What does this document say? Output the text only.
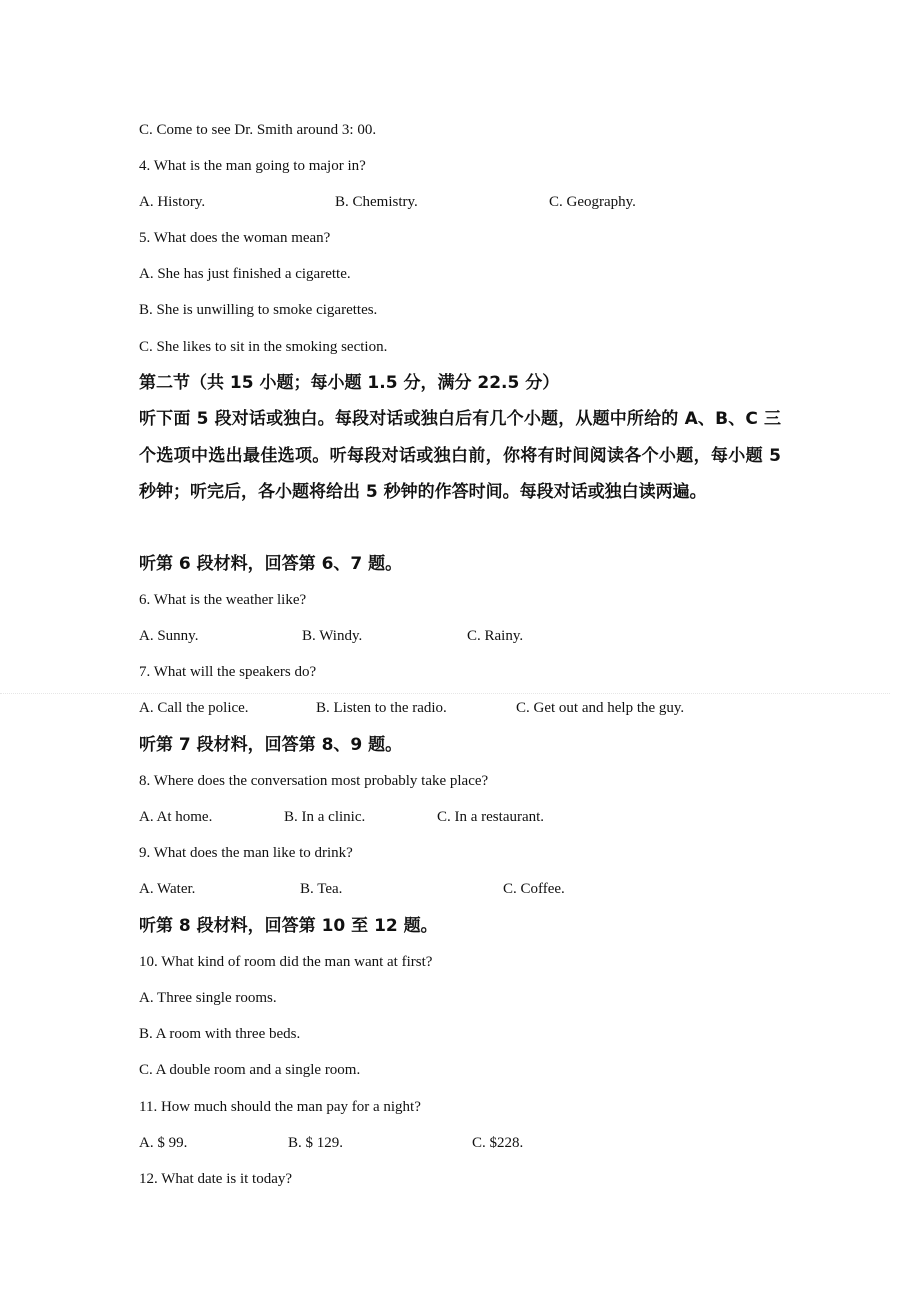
C. Come to see Dr. Smith around 3: 00.
4. What is the man going to major in?
A. History.	B. Chemistry.	C. Geography.
5. What does the woman mean?
A. She has just finished a cigarette.
B. She is unwilling to smoke cigarettes.
C. She likes to sit in the smoking section.
第二节（共 15 小题；每小题 1.5 分，满分 22.5 分）
听下面 5 段对话或独白。每段对话或独白后有几个小题，从题中所给的 A、B、C 三个选项中选出最佳选项。听每段对话或独白前，你将有时间阅读各个小题，每小题 5 秒钟；听完后，各小题将给出 5 秒钟的作答时间。每段对话或独白读两遍。
听第 6 段材料，回答第 6、7 题。
6. What is the weather like?
A. Sunny.	B. Windy.	C. Rainy.
7. What will the speakers do?
A. Call the police.	B. Listen to the radio.	C. Get out and help the guy.
听第 7 段材料，回答第 8、9 题。
8. Where does the conversation most probably take place?
A. At home.	B. In a clinic.	C. In a restaurant.
9. What does the man like to drink?
A. Water.	B. Tea.	C. Coffee.
听第 8 段材料，回答第 10 至 12 题。
10. What kind of room did the man want at first?
A. Three single rooms.
B. A room with three beds.
C. A double room and a single room.
11. How much should the man pay for a night?
A. $ 99.	B. $ 129.	C. $228.
12. What date is it today?
